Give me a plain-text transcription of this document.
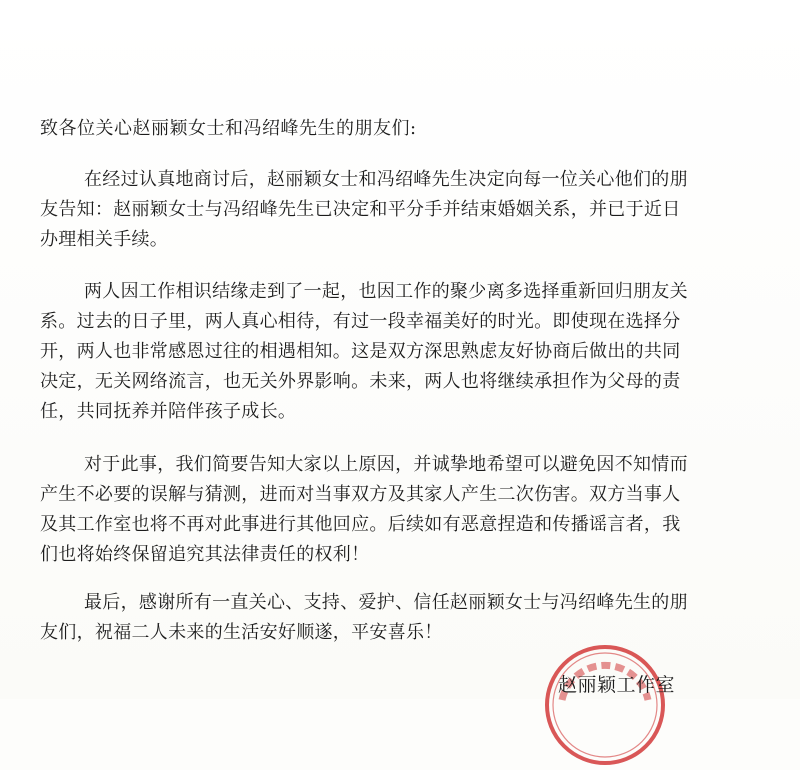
致各位关心赵丽颖女士和冯绍峰先生的朋友们:
在经过认真地商讨后，赵丽颖女士和冯绍峰先生决定向每一位关心他们的朋
友告知：赵丽颖女士与冯绍峰先生已决定和平分手并结束婚姻关系，并已于近日
办理相关手续。
两人因工作相识结缘走到了一起，也因工作的聚少离多选择重新回归朋友关
系。过去的日子里，两人真心相待，有过一段幸福美好的时光。即使现在选择分
开，两人也非常感恩过往的相遇相知。这是双方深思熟虑友好协商后做出的共同
决定，无关网络流言，也无关外界影响。未来，两人也将继续承担作为父母的责
任，共同抚养并陪伴孩子成长。
对于此事，我们简要告知大家以上原因，并诚挚地希望可以避免因不知情而
产生不必要的误解与猜测，进而对当事双方及其家人产生二次伤害。双方当事人
及其工作室也将不再对此事进行其他回应。后续如有恶意捏造和传播谣言者，我
们也将始终保留追究其法律责任的权利！
最后，感谢所有一直关心、支持、爱护、信任赵丽颖女士与冯绍峰先生的朋
友们，祝福二人未来的生活安好顺遂，平安喜乐！
赵丽颖工作室
